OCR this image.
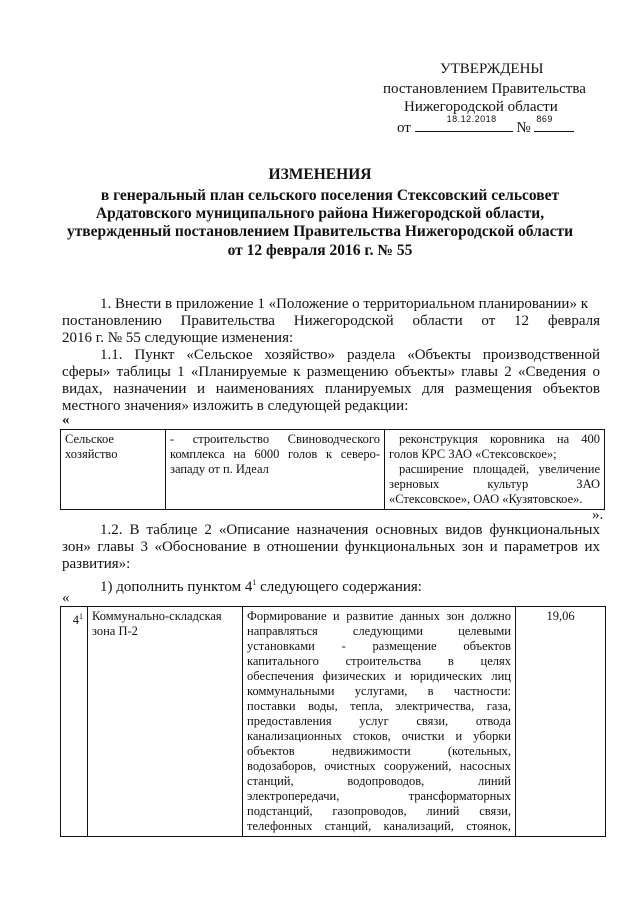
УТВЕРЖДЕНЫ
постановлением Правительства
Нижегородской области
от
18.12.2018
№
869
ИЗМЕНЕНИЯ
в генеральный план сельского поселения Стексовский сельсовет
Ардатовского муниципального района Нижегородской области,
утвержденный постановлением Правительства Нижегородской области
от 12 февраля 2016 г. № 55
1. Внести в приложение 1 «Положение о территориальном планировании» к
постановлению Правительства Нижегородской области от 12 февраля
2016 г. № 55 следующие изменения:
1.1. Пункт «Сельское хозяйство» раздела «Объекты производственной
сферы» таблицы 1 «Планируемые к размещению объекты» главы 2 «Сведения о
видах, назначении и наименованиях планируемых для размещения объектов
местного значения» изложить в следующей редакции:
«
Сельское
хозяйство

- строительство Свиноводческого
комплекса на 6000 голов к северо-
западу от п. Идеал

реконструкция коровника на 400
голов КРС ЗАО «Стексовское»;
расширение площадей, увеличение
зерновых культур ЗАО
«Стексовское», ОАО «Кузятовское».
».
1.2. В таблице 2 «Описание назначения основных видов функциональных
зон» главы 3 «Обоснование в отношении функциональных зон и параметров их
развития»:
1) дополнить пунктом $4^1$ следующего содержания:
«
$4^1$	Коммунально-складская
зона П-2

Формирование и развитие данных зон должно
направляться следующими целевыми
установками - размещение объектов
капитального строительства в целях
обеспечения физических и юридических лиц
коммунальными услугами, в частности:
поставки воды, тепла, электричества, газа,
предоставления услуг связи, отвода
канализационных стоков, очистки и уборки
объектов недвижимости (котельных,
водозаборов, очистных сооружений, насосных
станций, водопроводов, линий
электропередачи, трансформаторных
подстанций, газопроводов, линий связи,
телефонных станций, канализаций, стоянок,
	19,06
